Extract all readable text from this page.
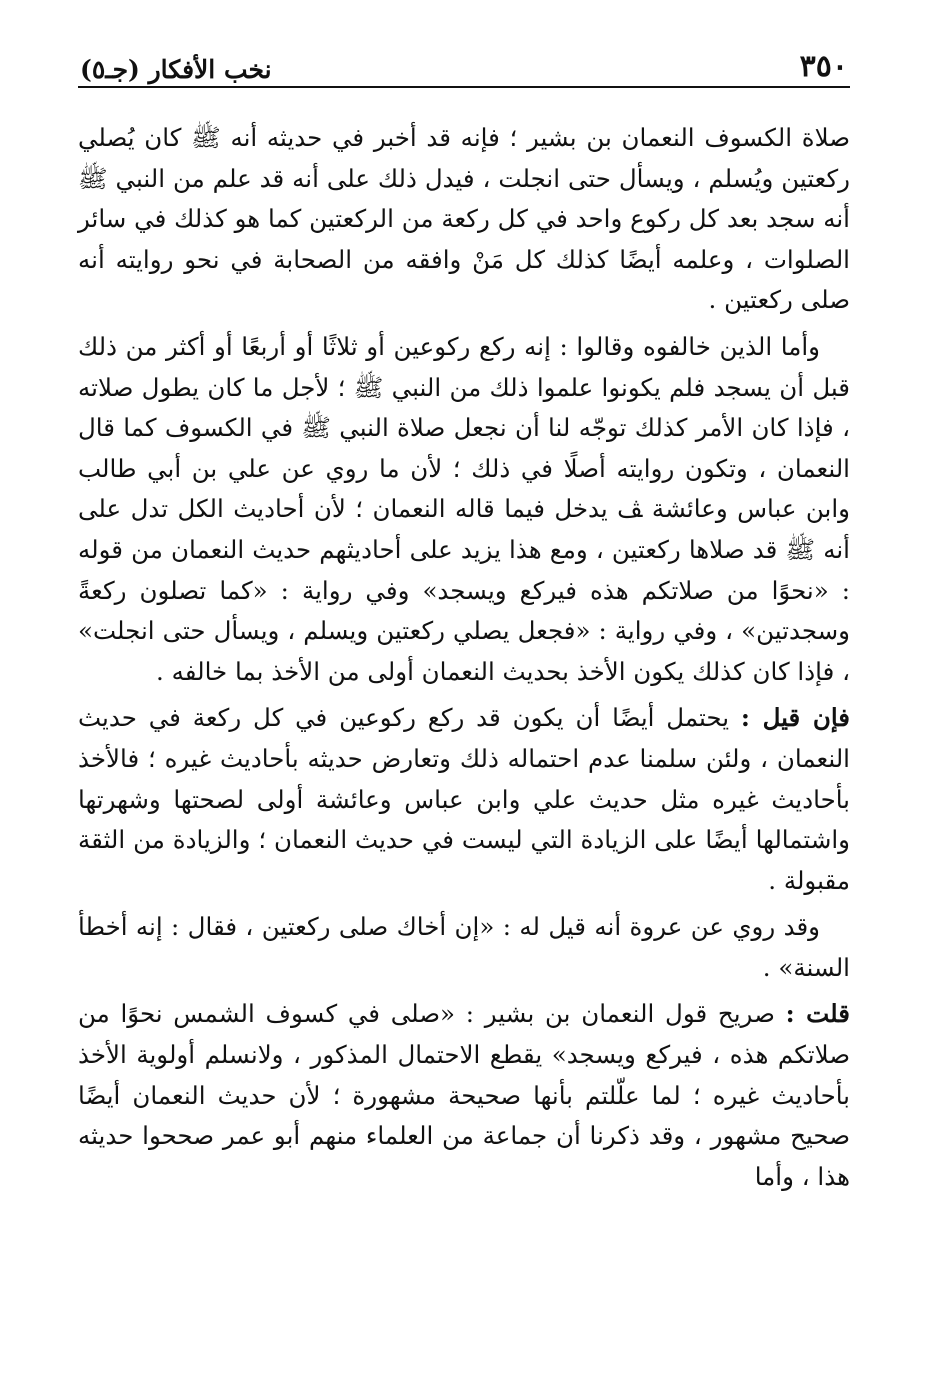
٣٥٠
نخب الأفكار (جـ٥)

صلاة الكسوف النعمان بن بشير ؛ فإنه قد أخبر في حديثه أنه ﷺ كان يُصلي ركعتين ويُسلم ، ويسأل حتى انجلت ، فيدل ذلك على أنه قد علم من النبي ﷺ أنه سجد بعد كل ركوع واحد في كل ركعة من الركعتين كما هو كذلك في سائر الصلوات ، وعلمه أيضًا كذلك كل مَنْ وافقه من الصحابة في نحو روايته أنه صلى ركعتين .

وأما الذين خالفوه وقالوا : إنه ركع ركوعين أو ثلاثًا أو أربعًا أو أكثر من ذلك قبل أن يسجد فلم يكونوا علموا ذلك من النبي ﷺ ؛ لأجل ما كان يطول صلاته ، فإذا كان الأمر كذلك توجّه لنا أن نجعل صلاة النبي ﷺ في الكسوف كما قال النعمان ، وتكون روايته أصلًا في ذلك ؛ لأن ما روي عن علي بن أبي طالب وابن عباس وعائشة ﭫ يدخل فيما قاله النعمان ؛ لأن أحاديث الكل تدل على أنه ﷺ قد صلاها ركعتين ، ومع هذا يزيد على أحاديثهم حديث النعمان من قوله : «نحوًا من صلاتكم هذه فيركع ويسجد» وفي رواية : «كما تصلون ركعةً وسجدتين» ، وفي رواية : «فجعل يصلي ركعتين ويسلم ، ويسأل حتى انجلت» ، فإذا كان كذلك يكون الأخذ بحديث النعمان أولى من الأخذ بما خالفه .

فإن قيل : يحتمل أيضًا أن يكون قد ركع ركوعين في كل ركعة في حديث النعمان ، ولئن سلمنا عدم احتماله ذلك وتعارض حديثه بأحاديث غيره ؛ فالأخذ بأحاديث غيره مثل حديث علي وابن عباس وعائشة أولى لصحتها وشهرتها واشتمالها أيضًا على الزيادة التي ليست في حديث النعمان ؛ والزيادة من الثقة مقبولة .

وقد روي عن عروة أنه قيل له : «إن أخاك صلى ركعتين ، فقال : إنه أخطأ السنة» .

قلت : صريح قول النعمان بن بشير : «صلى في كسوف الشمس نحوًا من صلاتكم هذه ، فيركع ويسجد» يقطع الاحتمال المذكور ، ولانسلم أولوية الأخذ بأحاديث غيره ؛ لما علّلتم بأنها صحيحة مشهورة ؛ لأن حديث النعمان أيضًا صحيح مشهور ، وقد ذكرنا أن جماعة من العلماء منهم أبو عمر صححوا حديثه هذا ، وأما
